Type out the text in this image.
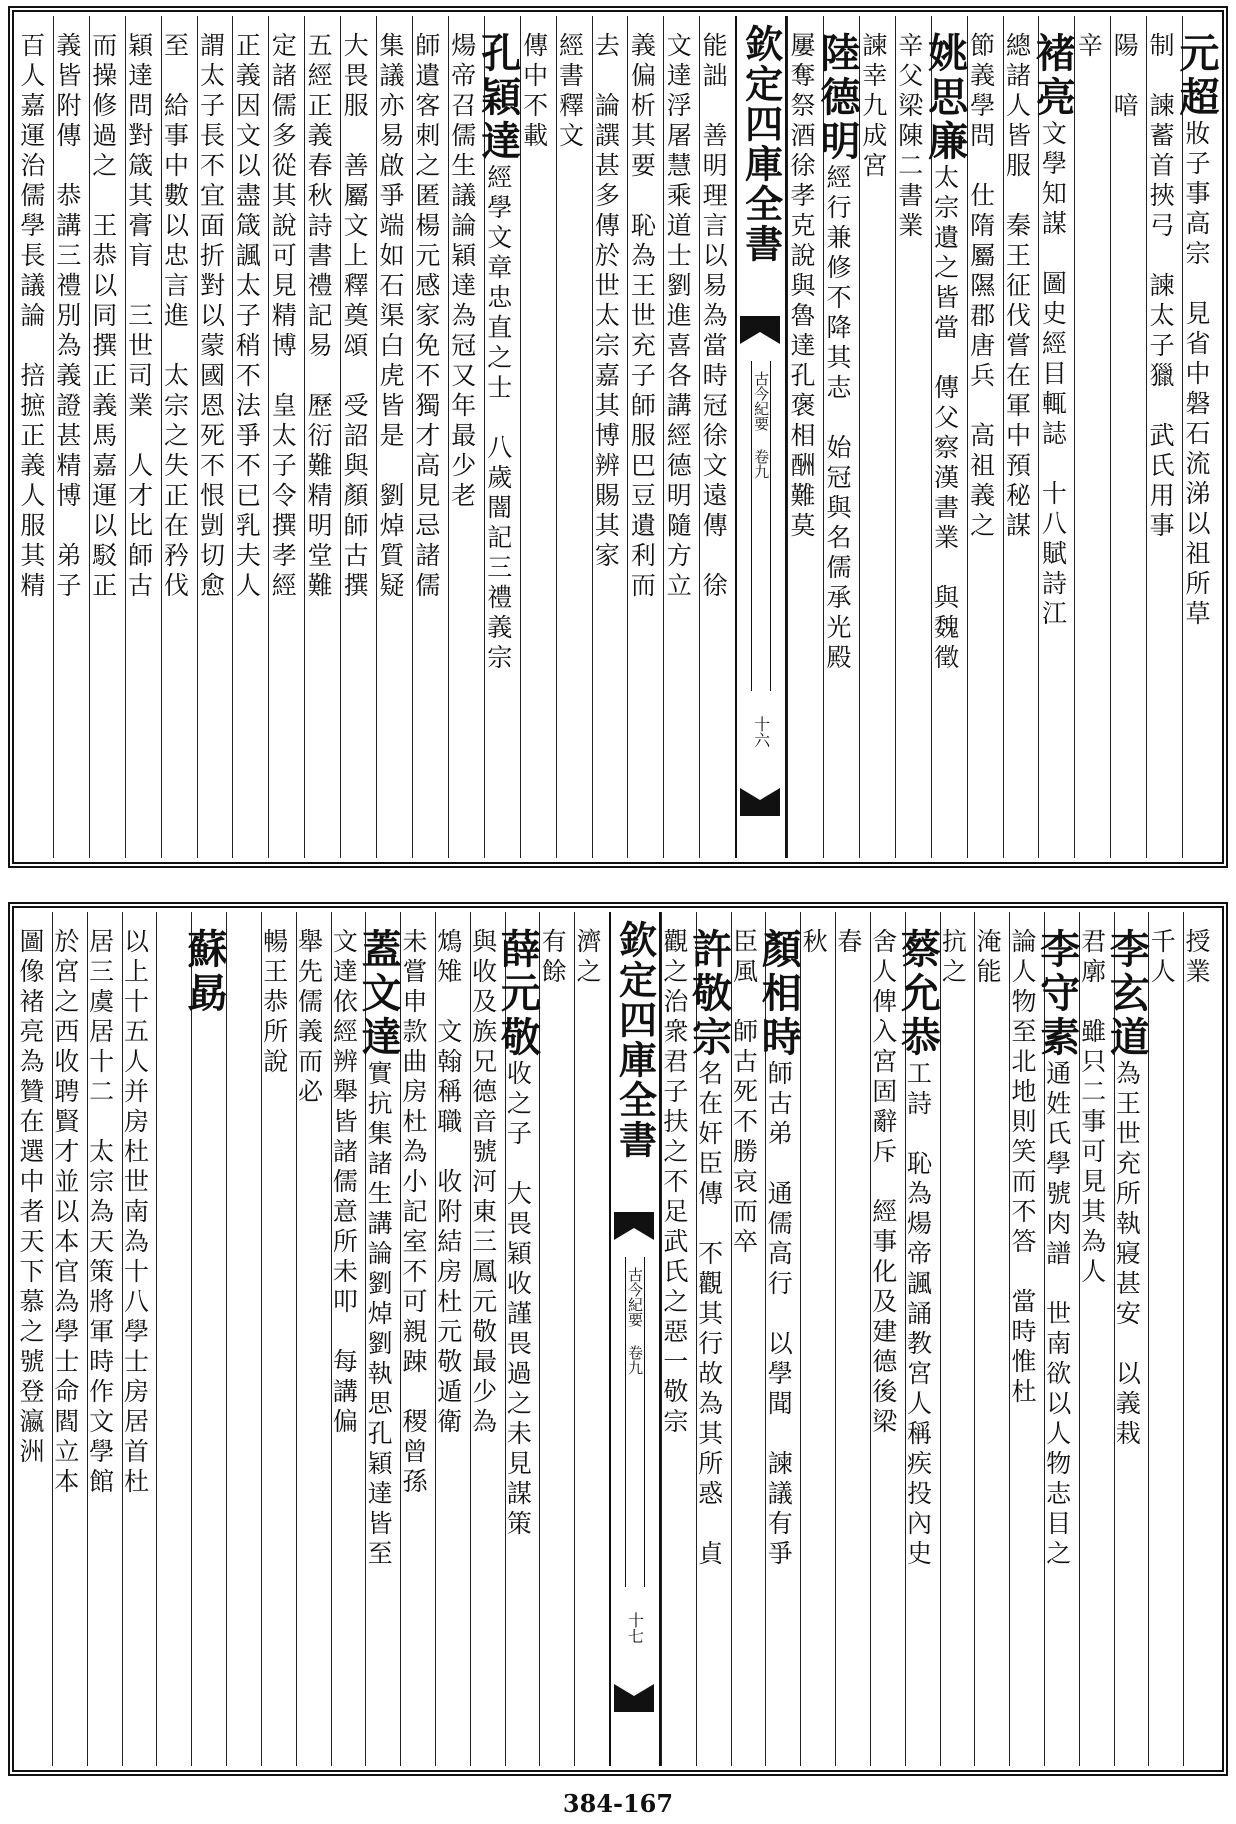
元超妝子事高宗　見省中磐石流涕以祖所草
制　諫蓄首挾弓　諫太子獵　武氏用事
陽　喑
辛
褚亮文學知謀　圖史經目輒誌　十八賦詩江
總諸人皆服　秦王征伐嘗在軍中預秘謀
節義學問　仕隋屬隰郡唐兵　高祖義之
姚思廉太宗遺之皆當　傳父察漢書業　與魏徵
辛父梁陳二書業
諫幸九成宮
陸德明經行兼修不降其志　始冠與名儒承光殿
屢奪祭酒徐孝克說與魯達孔褒相酬難莫
欽定四庫全書
古今紀要 卷九
十六
能詘　善明理言以易為當時冠徐文遠傳　徐
文達浮屠慧乘道士劉進喜各講經德明隨方立
義偏析其要　恥為王世充子師服巴豆遺利而
去　論譔甚多傳於世太宗嘉其博辨賜其家
經書釋文
傳中不載
孔穎達經學文章忠直之士　八歲闇記三禮義宗
煬帝召儒生議論穎達為冠又年最少老
師遺客刺之匿楊元感家免不獨才高見忌諸儒
集議亦易啟爭端如石渠白虎皆是　劉焯質疑
大畏服　善屬文上釋奠頌　受詔與顏師古撰
五經正義春秋詩書禮記易　歷衍難精明堂難
定諸儒多從其說可見精博　皇太子令撰孝經
正義因文以盡箴諷太子稍不法爭不已乳夫人
謂太子長不宜面折對以蒙國恩死不恨剴切愈
至　給事中數以忠言進　太宗之失正在矜伐
穎達問對箴其膏肓　三世司業　人才比師古
而操修過之　王恭以同撰正義馬嘉運以駁正
義皆附傳　恭講三禮別為義證甚精博　弟子
百人嘉運治儒學長議論　掊摭正義人服其精
授業
千人
李玄道為王世充所執寢甚安　以義栽
君廓　雖只二事可見其為人
李守素通姓氏學號肉譜　世南欲以人物志目之
論人物至北地則笑而不答　當時惟杜
淹能
抗之
蔡允恭工詩　恥為煬帝諷誦教宮人稱疾投內史
舍人俾入宮固辭斥　經事化及建德後梁
春
秋
顏相時師古弟　通儒高行　以學聞　諫議有爭
臣風　師古死不勝哀而卒
許敬宗名在奸臣傳　不觀其行故為其所惑　貞
觀之治衆君子扶之不足武氏之惡一敬宗
欽定四庫全書
古今紀要 卷九
十七
濟之
有餘
薛元敬收之子　大畏穎收謹畏過之未見謀策
與收及族兄德音號河東三鳳元敬最少為
鴆雉　文翰稱職　收附結房杜元敬遁衛
未嘗申款曲房杜為小記室不可親踈　稷曾孫
蓋文達實抗集諸生講論劉焯劉執思孔穎達皆至
文達依經辨舉皆諸儒意所未叩　每講偏
舉先儒義而必
暢王恭所說
蘇勗
以上十五人并房杜世南為十八學士房居首杜
居三虞居十二　太宗為天策將軍時作文學館
於宮之西收聘賢才並以本官為學士命閻立本
圖像褚亮為贊在選中者天下慕之號登瀛洲
384-167
